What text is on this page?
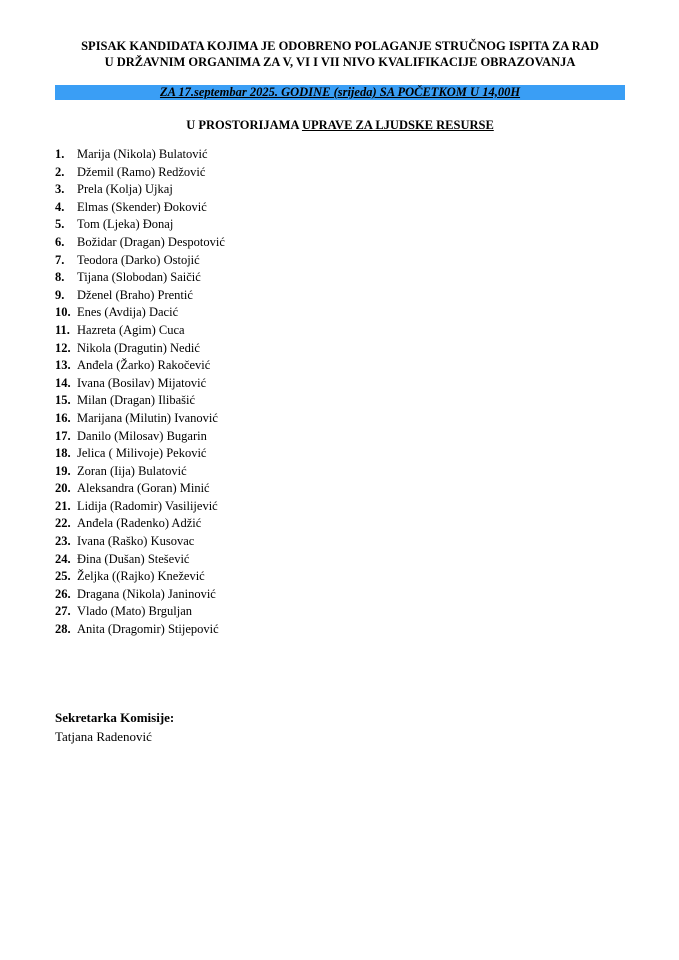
SPISAK KANDIDATA KOJIMA JE ODOBRENO POLAGANJE STRUČNOG ISPITA ZA RAD
U DRŽAVNIM ORGANIMA ZA V, VI I VII NIVO KVALIFIKACIJE OBRAZOVANJA
ZA 17.septembar 2025. GODINE (srijeda) SA POČETKOM U 14,00H
U PROSTORIJAMA UPRAVE ZA LJUDSKE RESURSE
1. Marija (Nikola) Bulatović
2. Džemil (Ramo) Redžović
3. Prela (Kolja) Ujkaj
4. Elmas (Skender) Đoković
5. Tom (Ljeka) Đonaj
6. Božidar (Dragan) Despotović
7. Teodora (Darko) Ostojić
8. Tijana (Slobodan) Saičić
9. Dženel (Braho) Prentić
10. Enes (Avdija) Dacić
11. Hazreta (Agim) Cuca
12. Nikola (Dragutin) Nedić
13. Anđela (Žarko) Rakočević
14. Ivana (Bosilav) Mijatović
15. Milan (Dragan) Ilibašić
16. Marijana (Milutin) Ivanović
17. Danilo (Milosav) Bugarin
18. Jelica ( Milivoje) Peković
19. Zoran (Iija) Bulatović
20. Aleksandra (Goran) Minić
21. Lidija (Radomir) Vasilijević
22. Anđela (Radenko) Adžić
23. Ivana (Raško) Kusovac
24. Đina (Dušan) Stešević
25. Željka ((Rajko) Knežević
26. Dragana (Nikola) Janinović
27. Vlado (Mato) Brguljan
28. Anita (Dragomir) Stijepović
Sekretarka Komisije:
Tatjana Radenović
